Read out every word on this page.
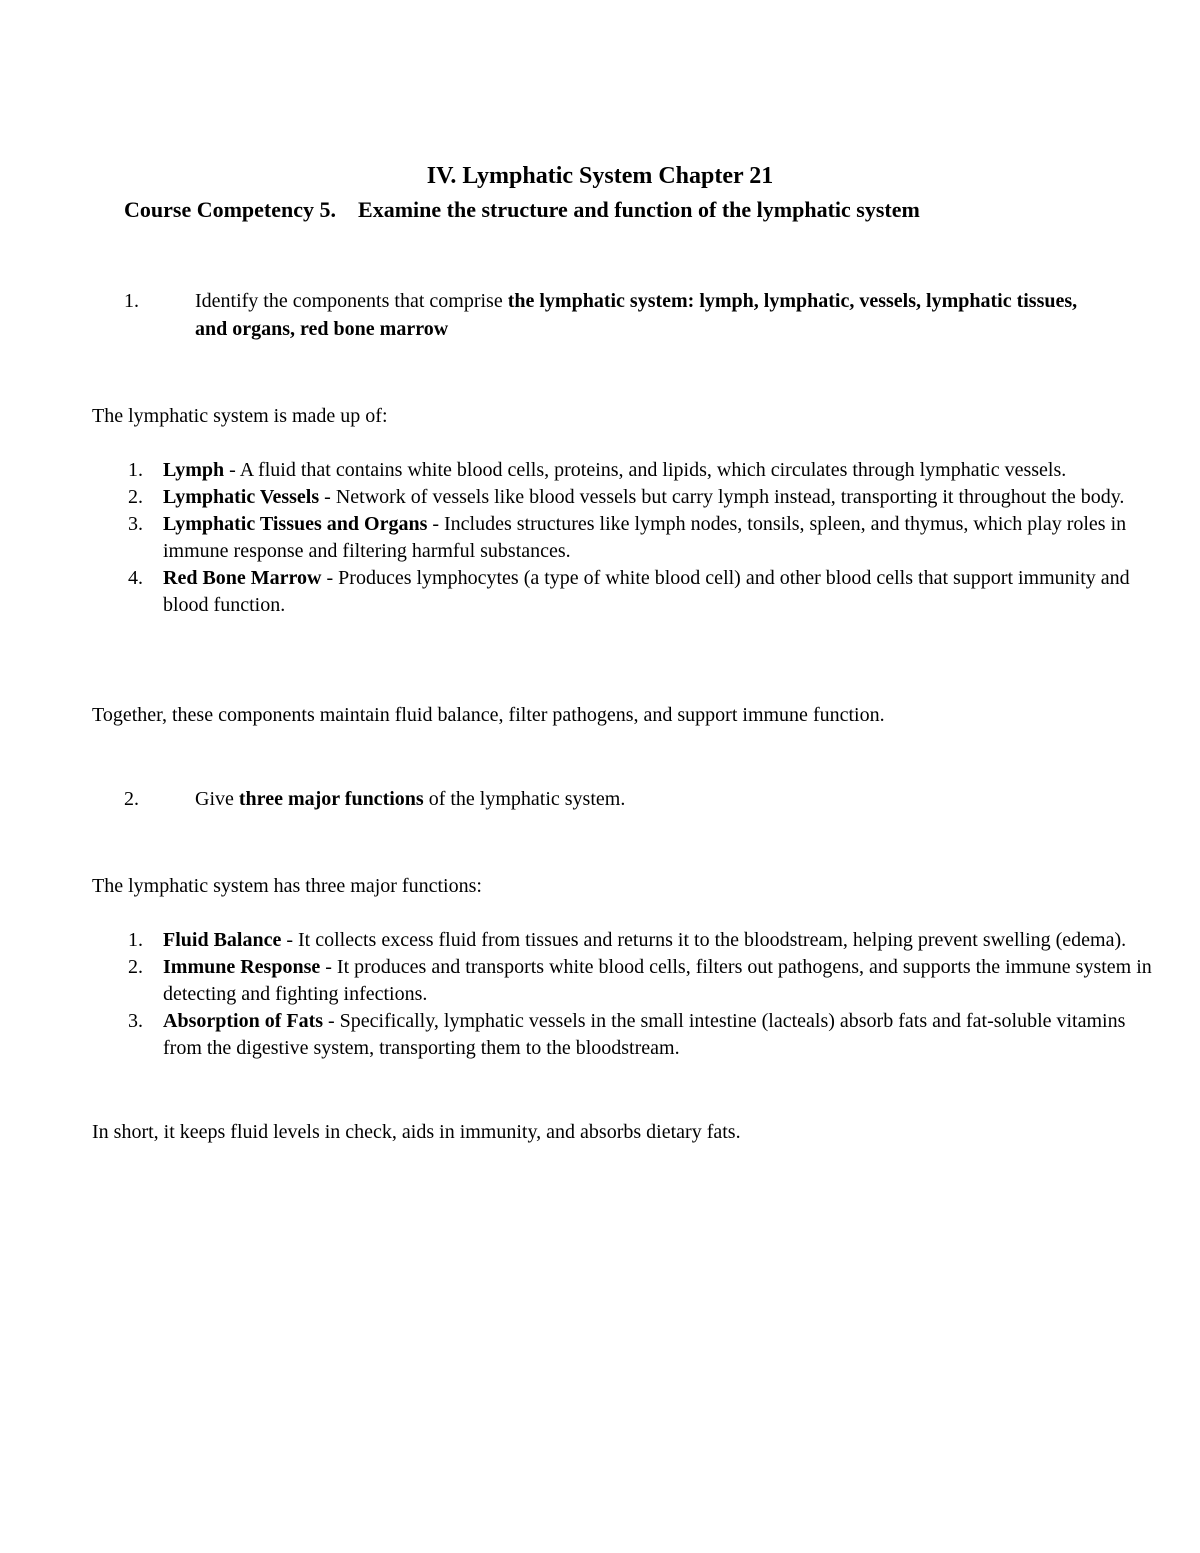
IV. Lymphatic System Chapter 21
Course Competency 5. Examine the structure and function of the lymphatic system
1.	Identify the components that comprise the lymphatic system: lymph, lymphatic, vessels, lymphatic tissues, and organs, red bone marrow
The lymphatic system is made up of:
1. Lymph - A fluid that contains white blood cells, proteins, and lipids, which circulates through lymphatic vessels.
2. Lymphatic Vessels - Network of vessels like blood vessels but carry lymph instead, transporting it throughout the body.
3. Lymphatic Tissues and Organs - Includes structures like lymph nodes, tonsils, spleen, and thymus, which play roles in immune response and filtering harmful substances.
4. Red Bone Marrow - Produces lymphocytes (a type of white blood cell) and other blood cells that support immunity and blood function.
Together, these components maintain fluid balance, filter pathogens, and support immune function.
2.	Give three major functions of the lymphatic system.
The lymphatic system has three major functions:
1. Fluid Balance - It collects excess fluid from tissues and returns it to the bloodstream, helping prevent swelling (edema).
2. Immune Response - It produces and transports white blood cells, filters out pathogens, and supports the immune system in detecting and fighting infections.
3. Absorption of Fats - Specifically, lymphatic vessels in the small intestine (lacteals) absorb fats and fat-soluble vitamins from the digestive system, transporting them to the bloodstream.
In short, it keeps fluid levels in check, aids in immunity, and absorbs dietary fats.
